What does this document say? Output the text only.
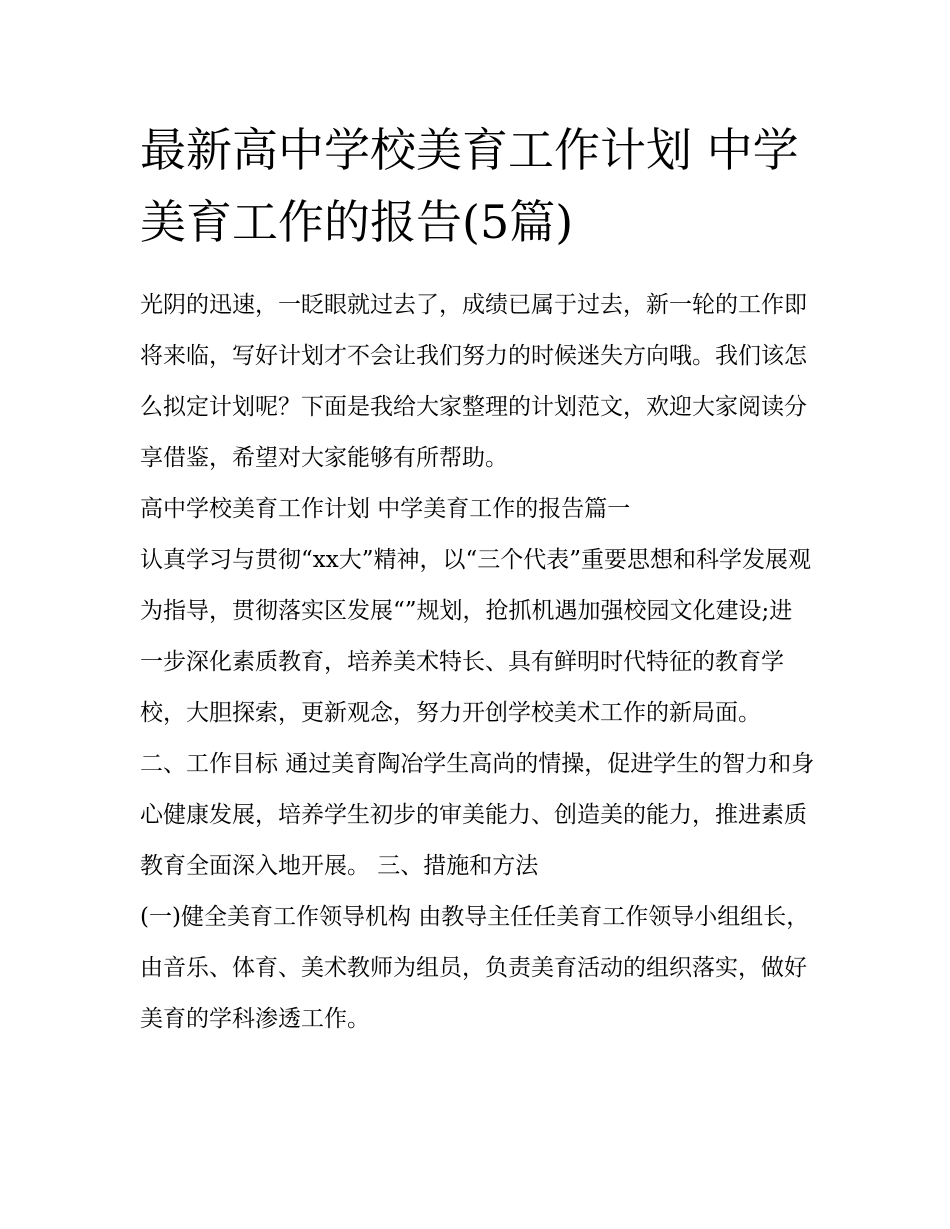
最新高中学校美育工作计划 中学美育工作的报告(5篇)

光阴的迅速，一眨眼就过去了，成绩已属于过去，新一轮的工作即将来临，写好计划才不会让我们努力的时候迷失方向哦。我们该怎么拟定计划呢？下面是我给大家整理的计划范文，欢迎大家阅读分享借鉴，希望对大家能够有所帮助。

高中学校美育工作计划 中学美育工作的报告篇一

认真学习与贯彻“xx大”精神，以“三个代表”重要思想和科学发展观为指导，贯彻落实区发展“”规划，抢抓机遇加强校园文化建设;进一步深化素质教育，培养美术特长、具有鲜明时代特征的教育学校，大胆探索，更新观念，努力开创学校美术工作的新局面。

二、工作目标 通过美育陶冶学生高尚的情操，促进学生的智力和身心健康发展，培养学生初步的审美能力、创造美的能力，推进素质教育全面深入地开展。 三、措施和方法

(一)健全美育工作领导机构 由教导主任任美育工作领导小组组长，由音乐、体育、美术教师为组员，负责美育活动的组织落实，做好美育的学科渗透工作。
